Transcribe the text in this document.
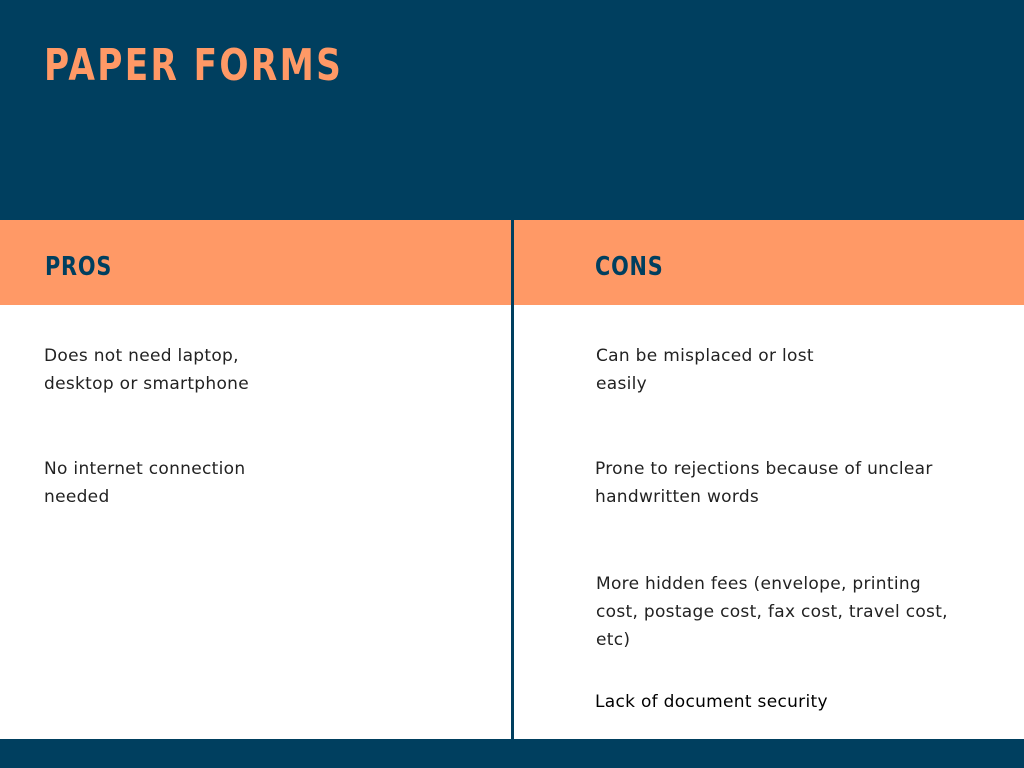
PAPER FORMS
PROS	CONS

Does not need laptop, desktop or smartphone

No internet connection needed

Can be misplaced or lost easily

Prone to rejections because of unclear handwritten words

More hidden fees (envelope, printing cost, postage cost, fax cost, travel cost, etc)

Lack of document security
